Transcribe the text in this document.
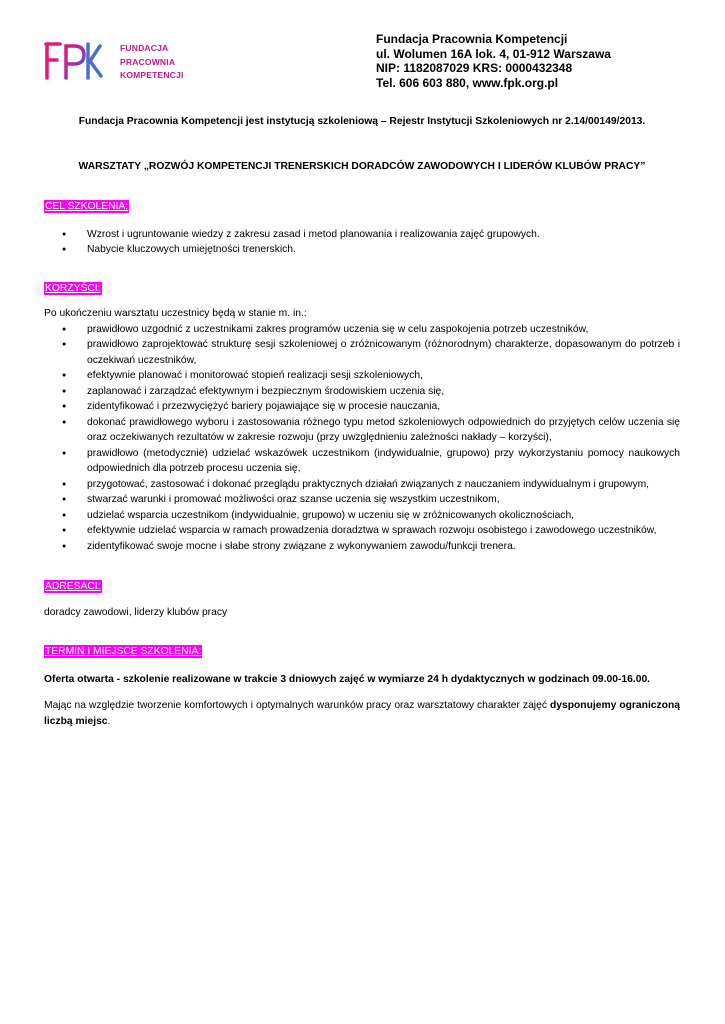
FUNDACJA
PRACOWNIA
KOMPETENCJI
Fundacja Pracownia Kompetencji
ul. Wolumen 16A lok. 4, 01-912 Warszawa
NIP: 1182087029 KRS: 0000432348
Tel. 606 603 880, www.fpk.org.pl
Fundacja Pracownia Kompetencji jest instytucją szkoleniową – Rejestr Instytucji Szkoleniowych nr 2.14/00149/2013.
WARSZTATY „ROZWÓJ KOMPETENCJI TRENERSKICH DORADCÓW ZAWODOWYCH I LIDERÓW KLUBÓW PRACY”
CEL SZKOLENIA:
● Wzrost i ugruntowanie wiedzy z zakresu zasad i metod planowania i realizowania zajęć grupowych.
● Nabycie kluczowych umiejętności trenerskich.
KORZYŚCI:

Po ukończeniu warsztatu uczestnicy będą w stanie m. in.:

● prawidłowo uzgodnić z uczestnikami zakres programów uczenia się w celu zaspokojenia potrzeb uczestników,
● prawidłowo zaprojektować strukturę sesji szkoleniowej o zróżnicowanym (różnorodnym) charakterze, dopasowanym do potrzeb i oczekiwań uczestników,
● efektywnie planować i monitorować stopień realizacji sesji szkoleniowych,
● zaplanować i zarządzać efektywnym i bezpiecznym środowiskiem uczenia się,
● zidentyfikować i przezwyciężyć bariery pojawiające się w procesie nauczania,
● dokonać prawidłowego wyboru i zastosowania różnego typu metod szkoleniowych odpowiednich do przyjętych celów uczenia się oraz oczekiwanych rezultatów w zakresie rozwoju (przy uwzględnieniu zależności nakłady – korzyści),
● prawidłowo (metodycznie) udzielać wskazówek uczestnikom (indywidualnie, grupowo) przy wykorzystaniu pomocy naukowych odpowiednich dla potrzeb procesu uczenia się,
● przygotować, zastosować i dokonać przeglądu praktycznych działań związanych z nauczaniem indywidualnym i grupowym,
● stwarzać warunki i promować możliwości oraz szanse uczenia się wszystkim uczestnikom,
● udzielać wsparcia uczestnikom (indywidualnie, grupowo) w uczeniu się w zróżnicowanych okolicznościach,
● efektywnie udzielać wsparcia w ramach prowadzenia doradztwa w sprawach rozwoju osobistego i zawodowego uczestników,
● zidentyfikować swoje mocne i słabe strony związane z wykonywaniem zawodu/funkcji trenera.
ADRESACI:

doradcy zawodowi, liderzy klubów pracy

TERMIN I MIEJSCE SZKOLENIA:

Oferta otwarta - szkolenie realizowane w trakcie 3 dniowych zajęć w wymiarze 24 h dydaktycznych w godzinach 09.00-16.00.

Mając na względzie tworzenie komfortowych i optymalnych warunków pracy oraz warsztatowy charakter zajęć dysponujemy ograniczoną liczbą miejsc.
